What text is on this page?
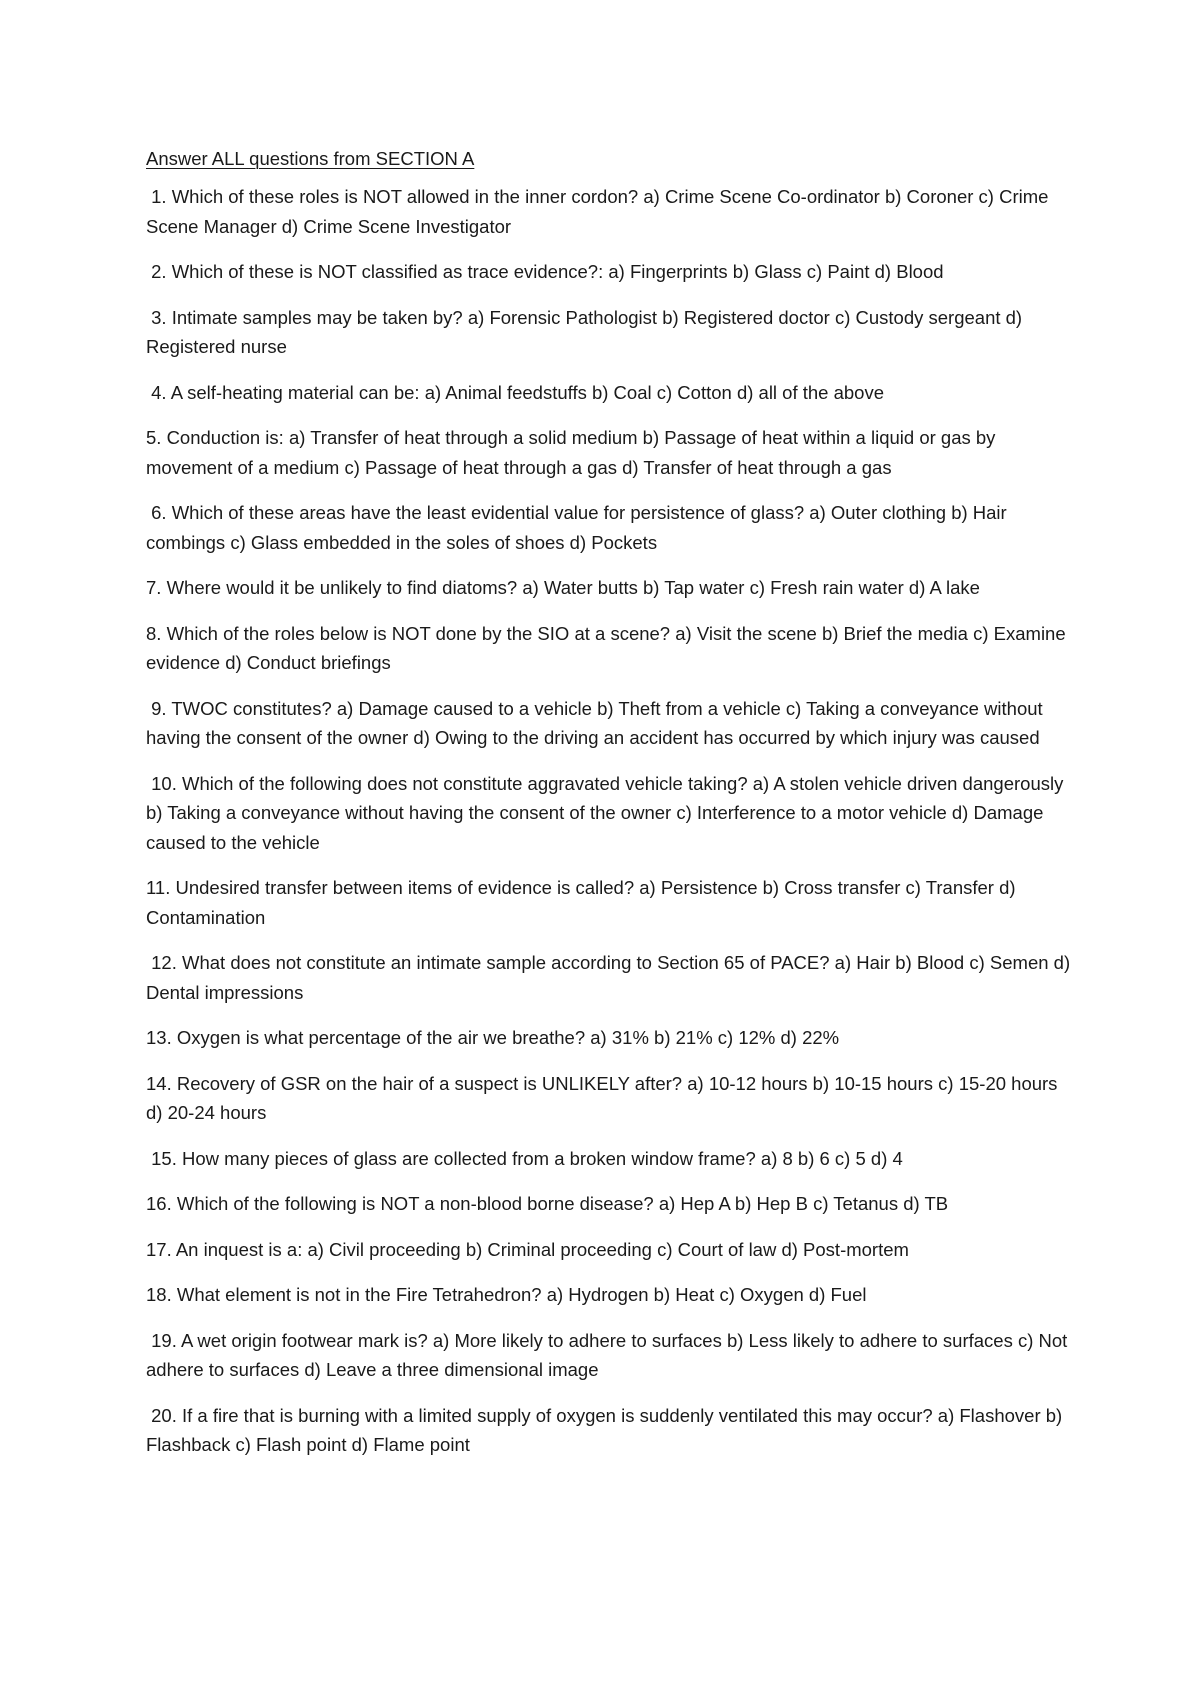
Answer ALL questions from SECTION A

1. Which of these roles is NOT allowed in the inner cordon? a) Crime Scene Co-ordinator b) Coroner c) Crime Scene Manager d) Crime Scene Investigator

2. Which of these is NOT classified as trace evidence?: a) Fingerprints b) Glass c) Paint d) Blood

3. Intimate samples may be taken by? a) Forensic Pathologist b) Registered doctor c) Custody sergeant d) Registered nurse

4. A self-heating material can be: a) Animal feedstuffs b) Coal c) Cotton d) all of the above

5. Conduction is: a) Transfer of heat through a solid medium b) Passage of heat within a liquid or gas by movement of a medium c) Passage of heat through a gas d) Transfer of heat through a gas

6. Which of these areas have the least evidential value for persistence of glass? a) Outer clothing b) Hair combings c) Glass embedded in the soles of shoes d) Pockets

7. Where would it be unlikely to find diatoms? a) Water butts b) Tap water c) Fresh rain water d) A lake

8. Which of the roles below is NOT done by the SIO at a scene? a) Visit the scene b) Brief the media c) Examine evidence d) Conduct briefings

9. TWOC constitutes? a) Damage caused to a vehicle b) Theft from a vehicle c) Taking a conveyance without having the consent of the owner d) Owing to the driving an accident has occurred by which injury was caused

10. Which of the following does not constitute aggravated vehicle taking? a) A stolen vehicle driven dangerously b) Taking a conveyance without having the consent of the owner c) Interference to a motor vehicle d) Damage caused to the vehicle

11. Undesired transfer between items of evidence is called? a) Persistence b) Cross transfer c) Transfer d) Contamination

12. What does not constitute an intimate sample according to Section 65 of PACE? a) Hair b) Blood c) Semen d) Dental impressions

13. Oxygen is what percentage of the air we breathe? a) 31% b) 21% c) 12% d) 22%

14. Recovery of GSR on the hair of a suspect is UNLIKELY after? a) 10-12 hours b) 10-15 hours c) 15-20 hours d) 20-24 hours

15. How many pieces of glass are collected from a broken window frame? a) 8 b) 6 c) 5 d) 4

16. Which of the following is NOT a non-blood borne disease? a) Hep A b) Hep B c) Tetanus d) TB

17. An inquest is a: a) Civil proceeding b) Criminal proceeding c) Court of law d) Post-mortem

18. What element is not in the Fire Tetrahedron? a) Hydrogen b) Heat c) Oxygen d) Fuel

19. A wet origin footwear mark is? a) More likely to adhere to surfaces b) Less likely to adhere to surfaces c) Not adhere to surfaces d) Leave a three dimensional image

20. If a fire that is burning with a limited supply of oxygen is suddenly ventilated this may occur? a) Flashover b) Flashback c) Flash point d) Flame point
